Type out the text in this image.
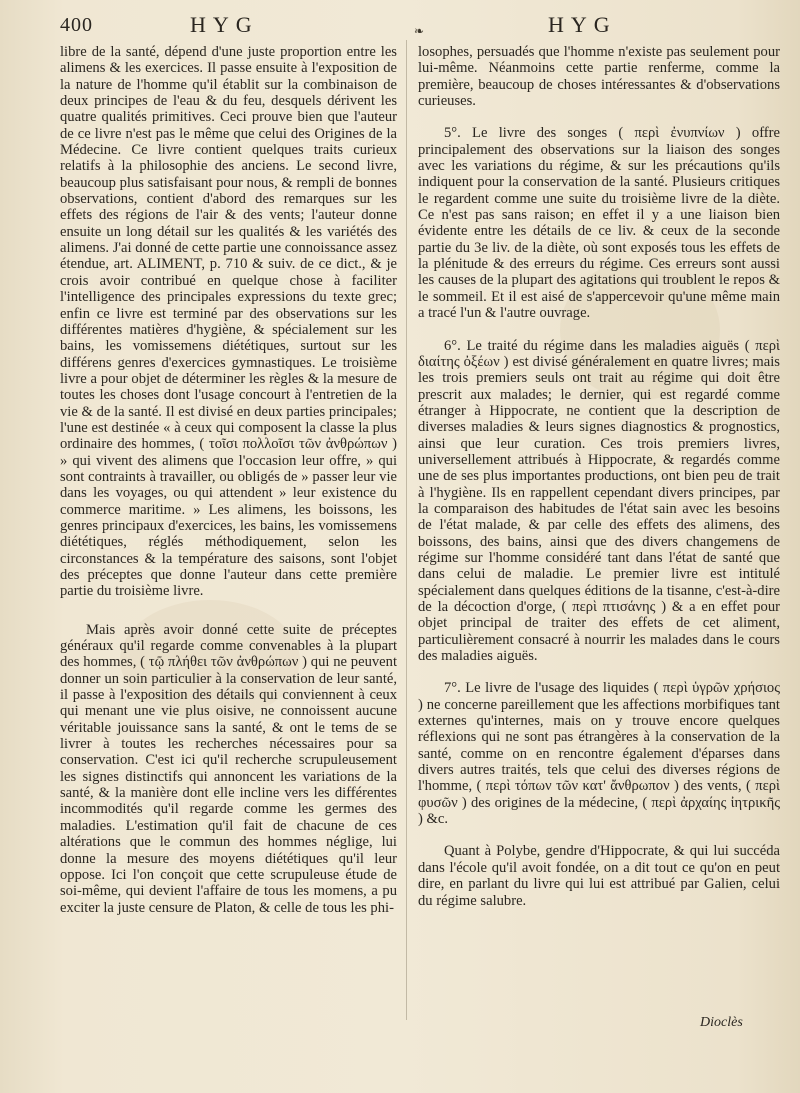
400	HYG	❧	HYG

libre de la santé, dépend d'une juste proportion entre les alimens & les exercices. Il passe ensuite à l'exposition de la nature de l'homme qu'il établit sur la combinaison de deux principes de l'eau & du feu, desquels dérivent les quatre qualités primitives. Ceci prouve bien que l'auteur de ce livre n'est pas le même que celui des Origines de la Médecine. Ce livre contient quelques traits curieux relatifs à la philosophie des anciens. Le second livre, beaucoup plus satisfaisant pour nous, & rempli de bonnes observations, contient d'abord des remarques sur les effets des régions de l'air & des vents; l'auteur donne ensuite un long détail sur les qualités & les variétés des alimens. J'ai donné de cette partie une connoissance assez étendue, art. ALIMENT, p. 710 & suiv. de ce dict., & je crois avoir contribué en quelque chose à faciliter l'intelligence des principales expressions du texte grec; enfin ce livre est terminé par des observations sur les différentes matières d'hygiène, & spécialement sur les bains, les vomissemens diététiques, surtout sur les différens genres d'exercices gymnastiques. Le troisième livre a pour objet de déterminer les règles & la mesure de toutes les choses dont l'usage concourt à l'entretien de la vie & de la santé. Il est divisé en deux parties principales; l'une est destinée « à ceux qui composent la classe la plus ordinaire des hommes, ( τοῖσι πολλοῖσι τῶν ἀνθρώπων ) » qui vivent des alimens que l'occasion leur offre, » qui sont contraints à travailler, ou obligés de » passer leur vie dans les voyages, ou qui attendent » leur existence du commerce maritime. » Les alimens, les boissons, les genres principaux d'exercices, les bains, les vomissemens diététiques, réglés méthodiquement, selon les circonstances & la température des saisons, sont l'objet des préceptes que donne l'auteur dans cette première partie du troisième livre.

Mais après avoir donné cette suite de préceptes généraux qu'il regarde comme convenables à la plupart des hommes, ( τῷ πλήθει τῶν ἀνθρώπων ) qui ne peuvent donner un soin particulier à la conservation de leur santé, il passe à l'exposition des détails qui conviennent à ceux qui menant une vie plus oisive, ne connoissent aucune véritable jouissance sans la santé, & ont le tems de se livrer à toutes les recherches nécessaires pour sa conservation. C'est ici qu'il recherche scrupuleusement les signes distinctifs qui annoncent les variations de la santé, & la manière dont elle incline vers les différentes incommodités qu'il regarde comme les germes des maladies. L'estimation qu'il fait de chacune de ces altérations que le commun des hommes néglige, lui donne la mesure des moyens diététiques qu'il leur oppose. Ici l'on conçoit que cette scrupuleuse étude de soi-même, qui devient l'affaire de tous les momens, a pu exciter la juste censure de Platon, & celle de tous les phi-

losophes, persuadés que l'homme n'existe pas seulement pour lui-même. Néanmoins cette partie renferme, comme la première, beaucoup de choses intéressantes & d'observations curieuses.

5°. Le livre des songes ( περὶ ἐνυπνίων ) offre principalement des observations sur la liaison des songes avec les variations du régime, & sur les précautions qu'ils indiquent pour la conservation de la santé. Plusieurs critiques le regardent comme une suite du troisième livre de la diète. Ce n'est pas sans raison; en effet il y a une liaison bien évidente entre les détails de ce liv. & ceux de la seconde partie du 3e liv. de la diète, où sont exposés tous les effets de la plénitude & des erreurs du régime. Ces erreurs sont aussi les causes de la plupart des agitations qui troublent le repos & le sommeil. Et il est aisé de s'appercevoir qu'une même main a tracé l'un & l'autre ouvrage.

6°. Le traité du régime dans les maladies aiguës ( περὶ διαίτης ὀξέων ) est divisé généralement en quatre livres; mais les trois premiers seuls ont trait au régime qui doit être prescrit aux malades; le dernier, qui est regardé comme étranger à Hippocrate, ne contient que la description de diverses maladies & leurs signes diagnostics & prognostics, ainsi que leur curation. Ces trois premiers livres, universellement attribués à Hippocrate, & regardés comme une de ses plus importantes productions, ont bien peu de trait à l'hygiène. Ils en rappellent cependant divers principes, par la comparaison des habitudes de l'état sain avec les besoins de l'état malade, & par celle des effets des alimens, des boissons, des bains, ainsi que des divers changemens de régime sur l'homme considéré tant dans l'état de santé que dans celui de maladie. Le premier livre est intitulé spécialement dans quelques éditions de la tisanne, c'est-à-dire de la décoction d'orge, ( περὶ πτισάνης ) & a en effet pour objet principal de traiter des effets de cet aliment, particulièrement consacré à nourrir les malades dans le cours des maladies aiguës.

7°. Le livre de l'usage des liquides ( περὶ ὑγρῶν χρήσιος ) ne concerne pareillement que les affections morbifiques tant externes qu'internes, mais on y trouve encore quelques réflexions qui ne sont pas étrangères à la conservation de la santé, comme on en rencontre également d'éparses dans divers autres traités, tels que celui des diverses régions de l'homme, ( περὶ τόπων τῶν κατ' ἄνθρωπον ) des vents, ( περὶ φυσῶν ) des origines de la médecine, ( περὶ ἀρχαίης ἰητρικῆς ) &c.

Quant à Polybe, gendre d'Hippocrate, & qui lui succéda dans l'école qu'il avoit fondée, on a dit tout ce qu'on en peut dire, en parlant du livre qui lui est attribué par Galien, celui du régime salubre.

Dioclès
